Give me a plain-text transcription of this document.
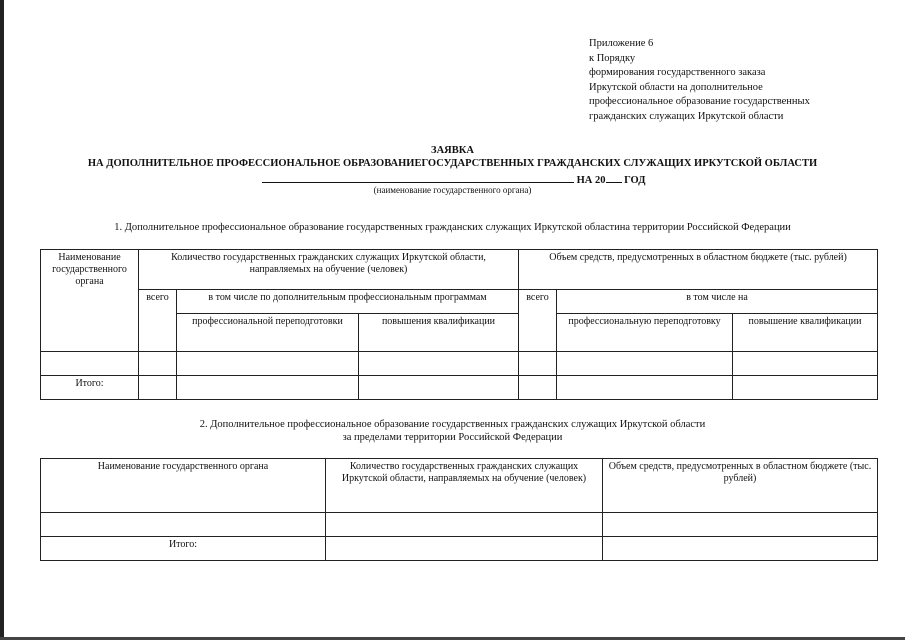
Приложение 6
к Порядку
формирования государственного заказа
Иркутской области на дополнительное
профессиональное образование государственных
гражданских служащих Иркутской области
ЗАЯВКА
НА ДОПОЛНИТЕЛЬНОЕ ПРОФЕССИОНАЛЬНОЕ ОБРАЗОВАНИЕГОСУДАРСТВЕННЫХ ГРАЖДАНСКИХ СЛУЖАЩИХ ИРКУТСКОЙ ОБЛАСТИ
НА 20 ГОД
(наименование государственного органа)
1. Дополнительное профессиональное образование государственных гражданских служащих Иркутской областина территории Российской Федерации
Наименование государственного органа	Количество государственных гражданских служащих Иркутской области, направляемых на обучение (человек)			Объем средств, предусмотренных в областном бюджете (тыс. рублей)		
	всего	в том числе по дополнительным профессиональным программам		всего	в том числе на	
		профессиональной переподготовки	повышения квалификации		профессиональную переподготовку	повышение квалификации

Итого:						
2. Дополнительное профессиональное образование государственных гражданских служащих Иркутской области
за пределами территории Российской Федерации
Наименование государственного органа	Количество государственных гражданских служащих Иркутской области, направляемых на обучение (человек)	Объем средств, предусмотренных в областном бюджете (тыс. рублей)

Итого:		
